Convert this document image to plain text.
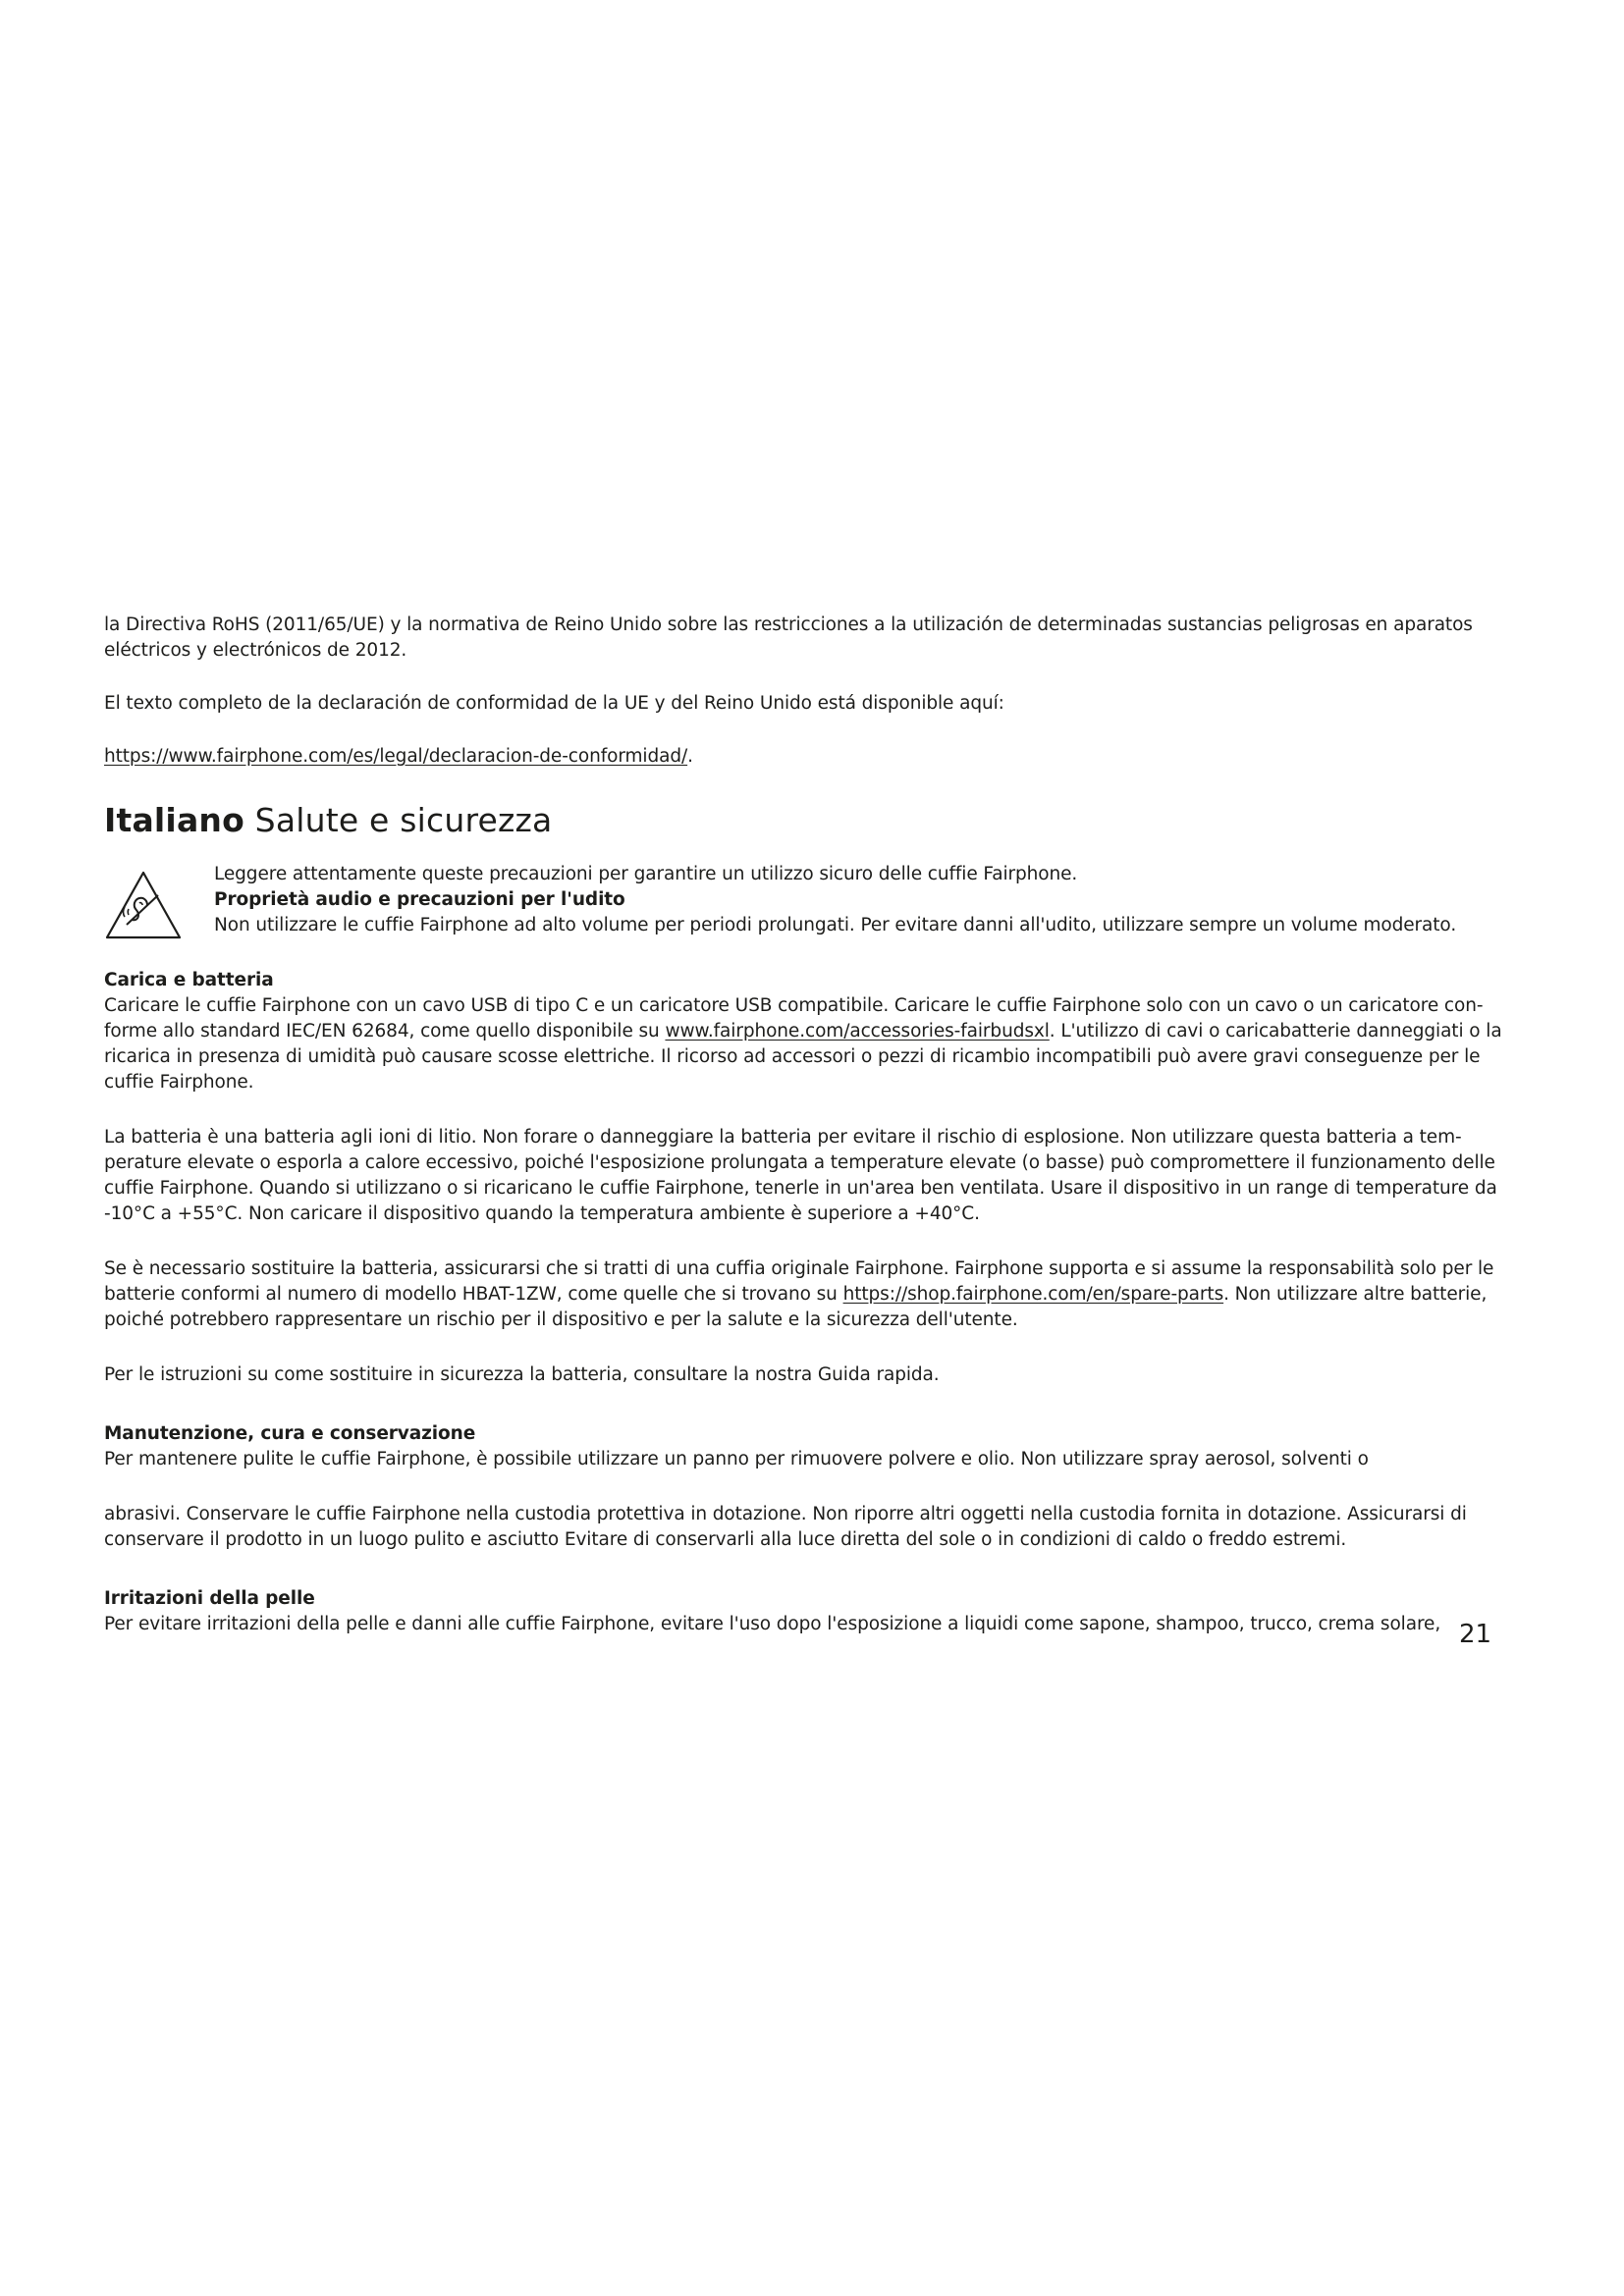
la Directiva RoHS (2011/65/UE) y la normativa de Reino Unido sobre las restricciones a la utilización de determinadas sustancias peligrosas en aparatos eléctricos y electrónicos de 2012.

El texto completo de la declaración de conformidad de la UE y del Reino Unido está disponible aquí:

https://www.fairphone.com/es/legal/declaracion-de-conformidad/.

Italiano Salute e sicurezza

Leggere attentamente queste precauzioni per garantire un utilizzo sicuro delle cuffie Fairphone.

Proprietà audio e precauzioni per l'udito

Non utilizzare le cuffie Fairphone ad alto volume per periodi prolungati. Per evitare danni all'udito, utilizzare sempre un volume moderato.

Carica e batteria

Caricare le cuffie Fairphone con un cavo USB di tipo C e un caricatore USB compatibile. Caricare le cuffie Fairphone solo con un cavo o un caricatore con-forme allo standard IEC/EN 62684, come quello disponibile su www.fairphone.com/accessories-fairbudsxl. L'utilizzo di cavi o caricabatterie danneggiati o la ricarica in presenza di umidità può causare scosse elettriche. Il ricorso ad accessori o pezzi di ricambio incompatibili può avere gravi conseguenze per le cuffie Fairphone.

La batteria è una batteria agli ioni di litio. Non forare o danneggiare la batteria per evitare il rischio di esplosione. Non utilizzare questa batteria a tem-perature elevate o esporla a calore eccessivo, poiché l'esposizione prolungata a temperature elevate (o basse) può compromettere il funzionamento delle cuffie Fairphone. Quando si utilizzano o si ricaricano le cuffie Fairphone, tenerle in un'area ben ventilata. Usare il dispositivo in un range di temperature da -10°C a +55°C. Non caricare il dispositivo quando la temperatura ambiente è superiore a +40°C.

Se è necessario sostituire la batteria, assicurarsi che si tratti di una cuffia originale Fairphone. Fairphone supporta e si assume la responsabilità solo per le batterie conformi al numero di modello HBAT-1ZW, come quelle che si trovano su https://shop.fairphone.com/en/spare-parts. Non utilizzare altre batterie, poiché potrebbero rappresentare un rischio per il dispositivo e per la salute e la sicurezza dell'utente.

Per le istruzioni su come sostituire in sicurezza la batteria, consultare la nostra Guida rapida.

Manutenzione, cura e conservazione

Per mantenere pulite le cuffie Fairphone, è possibile utilizzare un panno per rimuovere polvere e olio. Non utilizzare spray aerosol, solventi o

abrasivi. Conservare le cuffie Fairphone nella custodia protettiva in dotazione. Non riporre altri oggetti nella custodia fornita in dotazione. Assicurarsi di conservare il prodotto in un luogo pulito e asciutto Evitare di conservarli alla luce diretta del sole o in condizioni di caldo o freddo estremi.

Irritazioni della pelle

Per evitare irritazioni della pelle e danni alle cuffie Fairphone, evitare l'uso dopo l'esposizione a liquidi come sapone, shampoo, trucco, crema solare, 21
